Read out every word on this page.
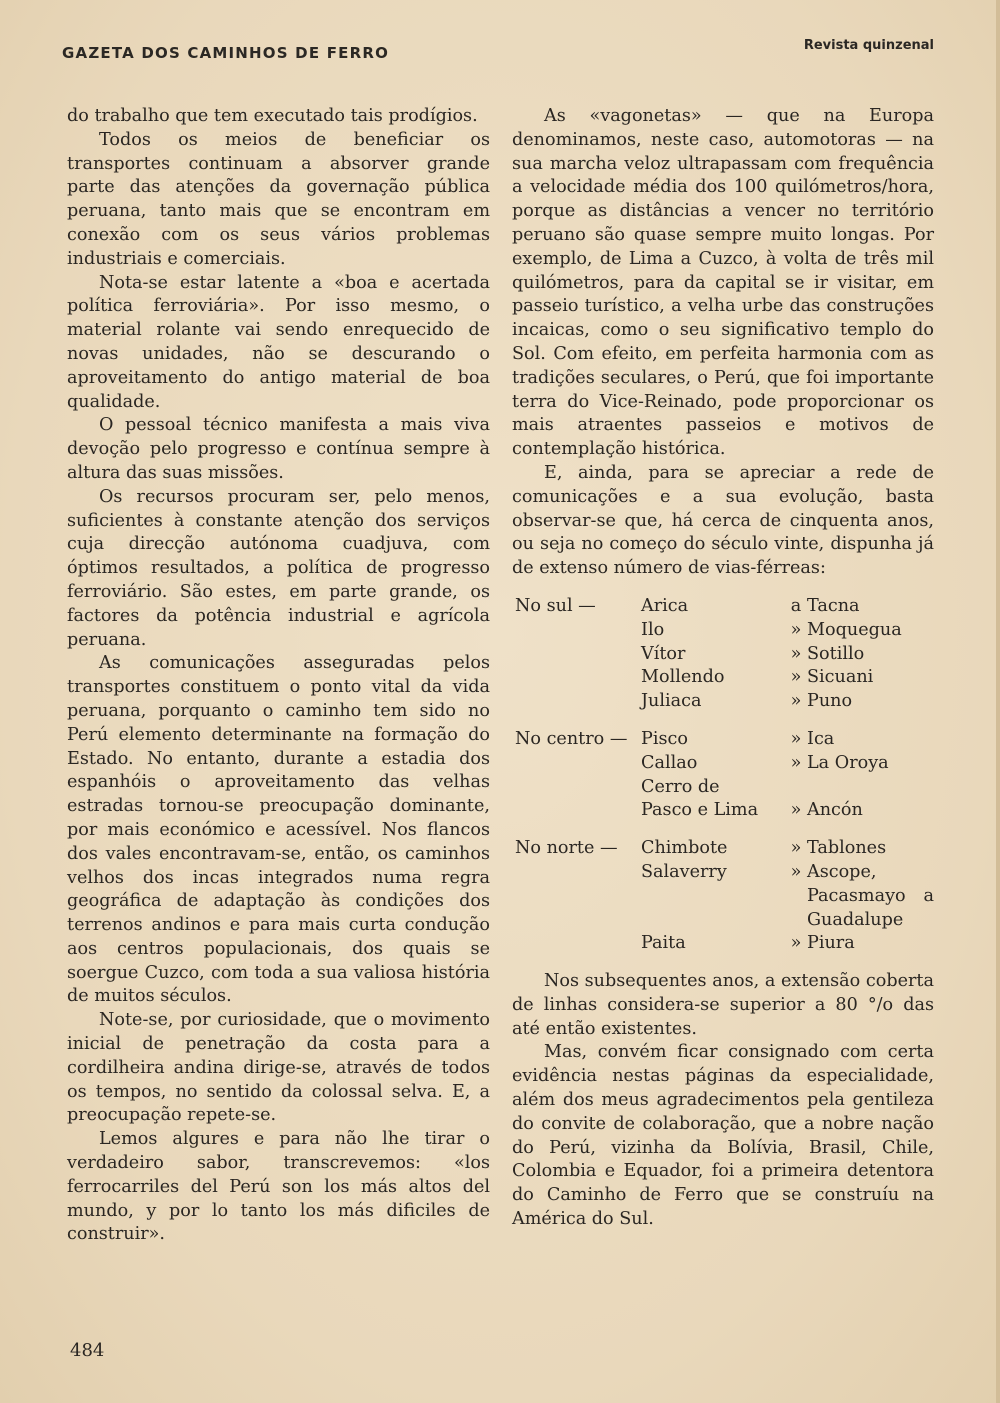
GAZETA DOS CAMINHOS DE FERRO	Revista quinzenal

do trabalho que tem executado tais prodígios.

Todos os meios de beneficiar os transportes continuam a absorver grande parte das atenções da governação pública peruana, tanto mais que se encontram em conexão com os seus vários problemas industriais e comerciais.

Nota-se estar latente a «boa e acertada política ferroviária». Por isso mesmo, o material rolante vai sendo enrequecido de novas unidades, não se descurando o aproveitamento do antigo material de boa qualidade.

O pessoal técnico manifesta a mais viva devoção pelo progresso e contínua sempre à altura das suas missões.

Os recursos procuram ser, pelo menos, suficientes à constante atenção dos serviços cuja direcção autónoma cuadjuva, com óptimos resultados, a política de progresso ferroviário. São estes, em parte grande, os factores da potência industrial e agrícola peruana.

As comunicações asseguradas pelos transportes constituem o ponto vital da vida peruana, porquanto o caminho tem sido no Perú elemento determinante na formação do Estado. No entanto, durante a estadia dos espanhóis o aproveitamento das velhas estradas tornou-se preocupação dominante, por mais económico e acessível. Nos flancos dos vales encontravam-se, então, os caminhos velhos dos incas integrados numa regra geográfica de adaptação às condições dos terrenos andinos e para mais curta condução aos centros populacionais, dos quais se soergue Cuzco, com toda a sua valiosa história de muitos séculos.

Note-se, por curiosidade, que o movimento inicial de penetração da costa para a cordilheira andina dirige-se, através de todos os tempos, no sentido da colossal selva. E, a preocupação repete-se.

Lemos algures e para não lhe tirar o verdadeiro sabor, transcrevemos: «los ferrocarriles del Perú son los más altos del mundo, y por lo tanto los más dificiles de construir».

As «vagonetas» — que na Europa denominamos, neste caso, automotoras — na sua marcha veloz ultrapassam com frequência a velocidade média dos 100 quilómetros/hora, porque as distâncias a vencer no território peruano são quase sempre muito longas. Por exemplo, de Lima a Cuzco, à volta de três mil quilómetros, para da capital se ir visitar, em passeio turístico, a velha urbe das construções incaicas, como o seu significativo templo do Sol. Com efeito, em perfeita harmonia com as tradições seculares, o Perú, que foi importante terra do Vice-Reinado, pode proporcionar os mais atraentes passeios e motivos de contemplação histórica.

E, ainda, para se apreciar a rede de comunicações e a sua evolução, basta observar-se que, há cerca de cinquenta anos, ou seja no começo do século vinte, dispunha já de extenso número de vias-férreas:

No sul —	Arica	a Tacna
Ilo	» Moquegua
Vítor	» Sotillo
Mollendo	» Sicuani
Juliaca	» Puno
No centro — Pisco	» Ica
Callao	» La Oroya
Cerro de
Pasco e Lima	» Ancón
No norte —	Chimbote	» Tablones
Salaverry	» Ascope, Pacasmayo a Guadalupe
Paita	» Piura

Nos subsequentes anos, a extensão coberta de linhas considera-se superior a 80 °/o das até então existentes.

Mas, convém ficar consignado com certa evidência nestas páginas da especialidade, além dos meus agradecimentos pela gentileza do convite de colaboração, que a nobre nação do Perú, vizinha da Bolívia, Brasil, Chile, Colombia e Equador, foi a primeira detentora do Caminho de Ferro que se construíu na América do Sul.

484
